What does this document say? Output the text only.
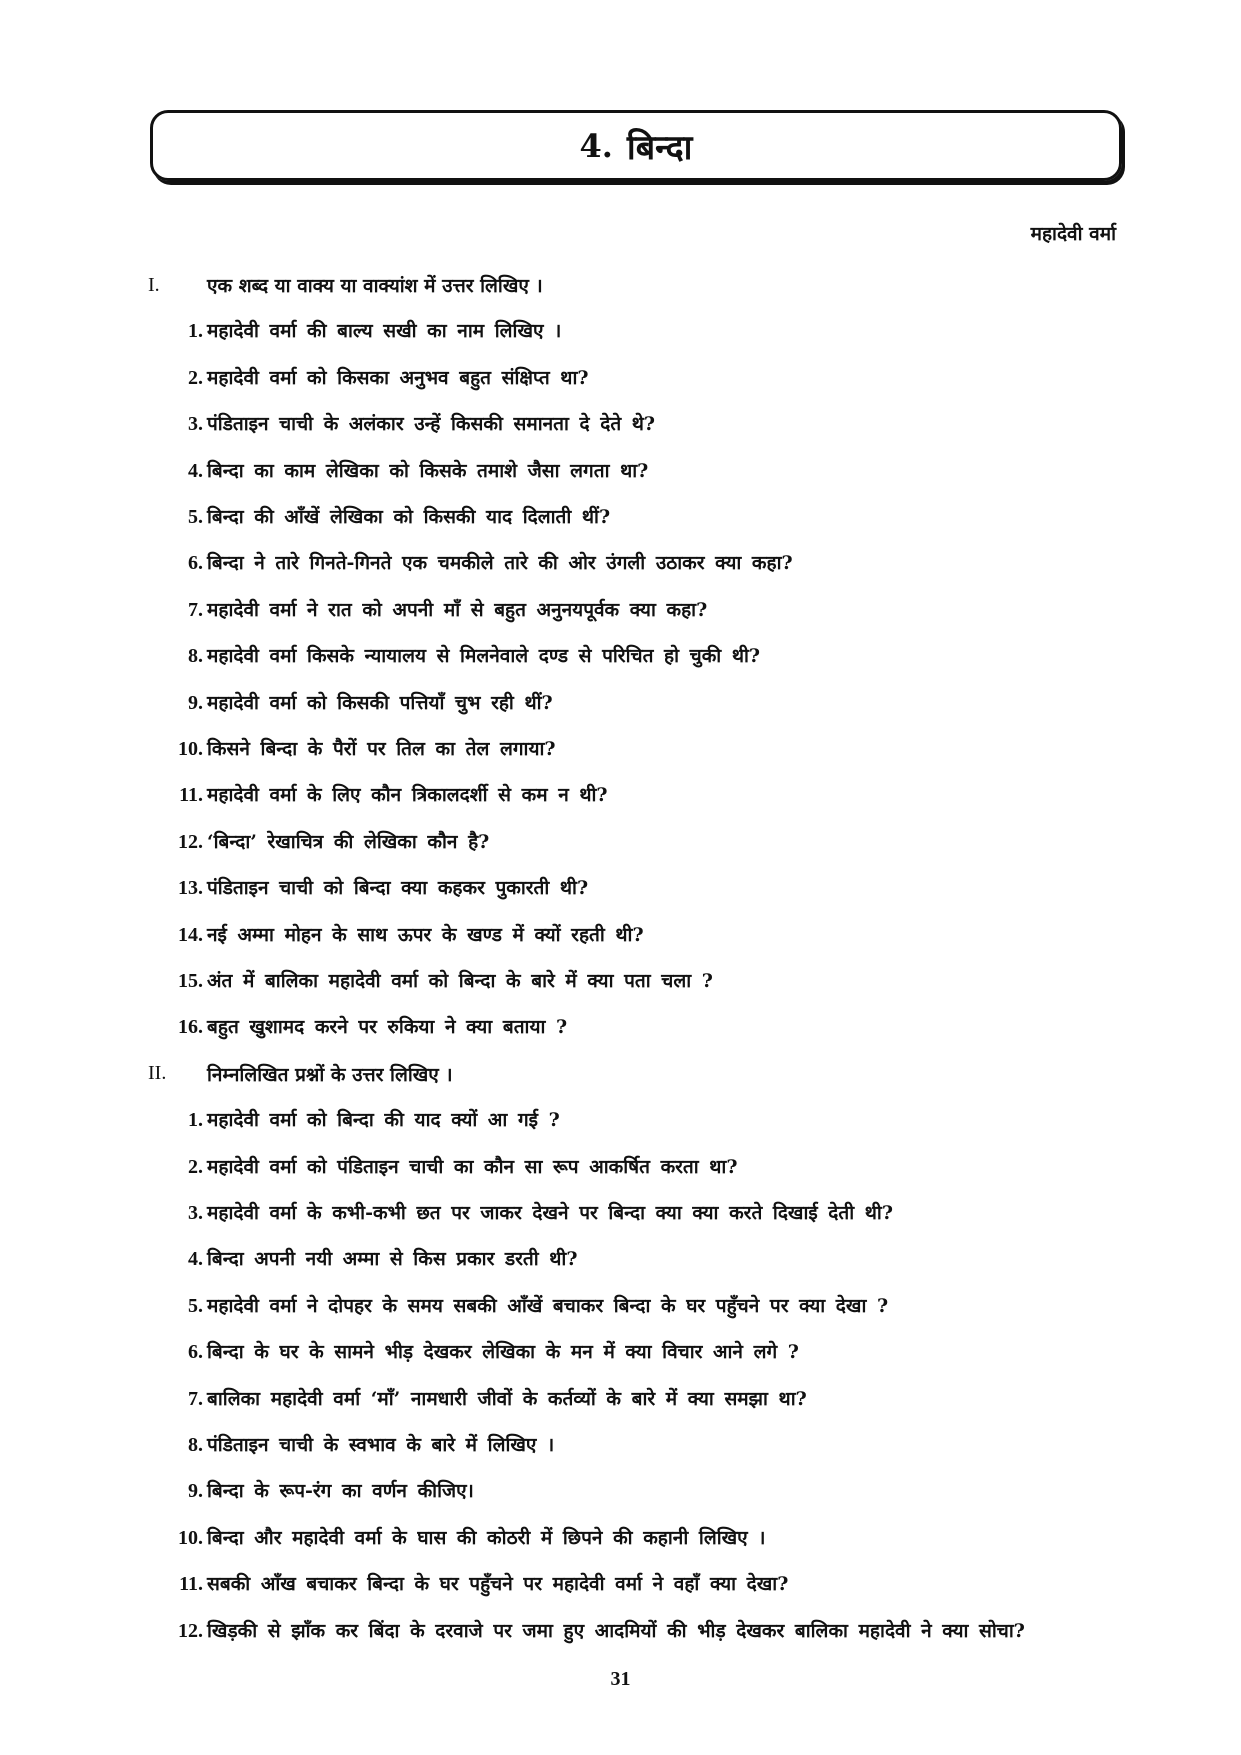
4. बिन्दा
महादेवी वर्मा
I. एक शब्द या वाक्य या वाक्यांश में उत्तर लिखिए ।
1. महादेवी वर्मा की बाल्य सखी का नाम लिखिए ।
2. महादेवी वर्मा को किसका अनुभव बहुत संक्षिप्त था?
3. पंडिताइन चाची के अलंकार उन्हें किसकी समानता दे देते थे?
4. बिन्दा का काम लेखिका को किसके तमाशे जैसा लगता था?
5. बिन्दा की आँखें लेखिका को किसकी याद दिलाती थीं?
6. बिन्दा ने तारे गिनते-गिनते एक चमकीले तारे की ओर उंगली उठाकर क्या कहा?
7. महादेवी वर्मा ने रात को अपनी माँ से बहुत अनुनयपूर्वक क्या कहा?
8. महादेवी वर्मा किसके न्यायालय से मिलनेवाले दण्ड से परिचित हो चुकी थी?
9. महादेवी वर्मा को किसकी पत्तियाँ चुभ रही थीं?
10. किसने बिन्दा के पैरों पर तिल का तेल लगाया?
11. महादेवी वर्मा के लिए कौन त्रिकालदर्शी से कम न थी?
12. ‘बिन्दा’ रेखाचित्र की लेखिका कौन है?
13. पंडिताइन चाची को बिन्दा क्या कहकर पुकारती थी?
14. नई अम्मा मोहन के साथ ऊपर के खण्ड में क्यों रहती थी?
15. अंत में बालिका महादेवी वर्मा को बिन्दा के बारे में क्या पता चला ?
16. बहुत खुशामद करने पर रुकिया ने क्या बताया ?
II. निम्नलिखित प्रश्नों के उत्तर लिखिए ।
1. महादेवी वर्मा को बिन्दा की याद क्यों आ गई ?
2. महादेवी वर्मा को पंडिताइन चाची का कौन सा रूप आकर्षित करता था?
3. महादेवी वर्मा के कभी-कभी छत पर जाकर देखने पर बिन्दा क्या क्या करते दिखाई देती थी?
4. बिन्दा अपनी नयी अम्मा से किस प्रकार डरती थी?
5. महादेवी वर्मा ने दोपहर के समय सबकी आँखें बचाकर बिन्दा के घर पहुँचने पर क्या देखा ?
6. बिन्दा के घर के सामने भीड़ देखकर लेखिका के मन में क्या विचार आने लगे ?
7. बालिका महादेवी वर्मा ‘माँ’ नामधारी जीवों के कर्तव्यों के बारे में क्या समझा था?
8. पंडिताइन चाची के स्वभाव के बारे में लिखिए ।
9. बिन्दा के रूप-रंग का वर्णन कीजिए।
10. बिन्दा और महादेवी वर्मा के घास की कोठरी में छिपने की कहानी लिखिए ।
11. सबकी आँख बचाकर बिन्दा के घर पहुँचने पर महादेवी वर्मा ने वहाँ क्या देखा?
12. खिड़की से झाँक कर बिंदा के दरवाजे पर जमा हुए आदमियों की भीड़ देखकर बालिका महादेवी ने क्या सोचा?
31
